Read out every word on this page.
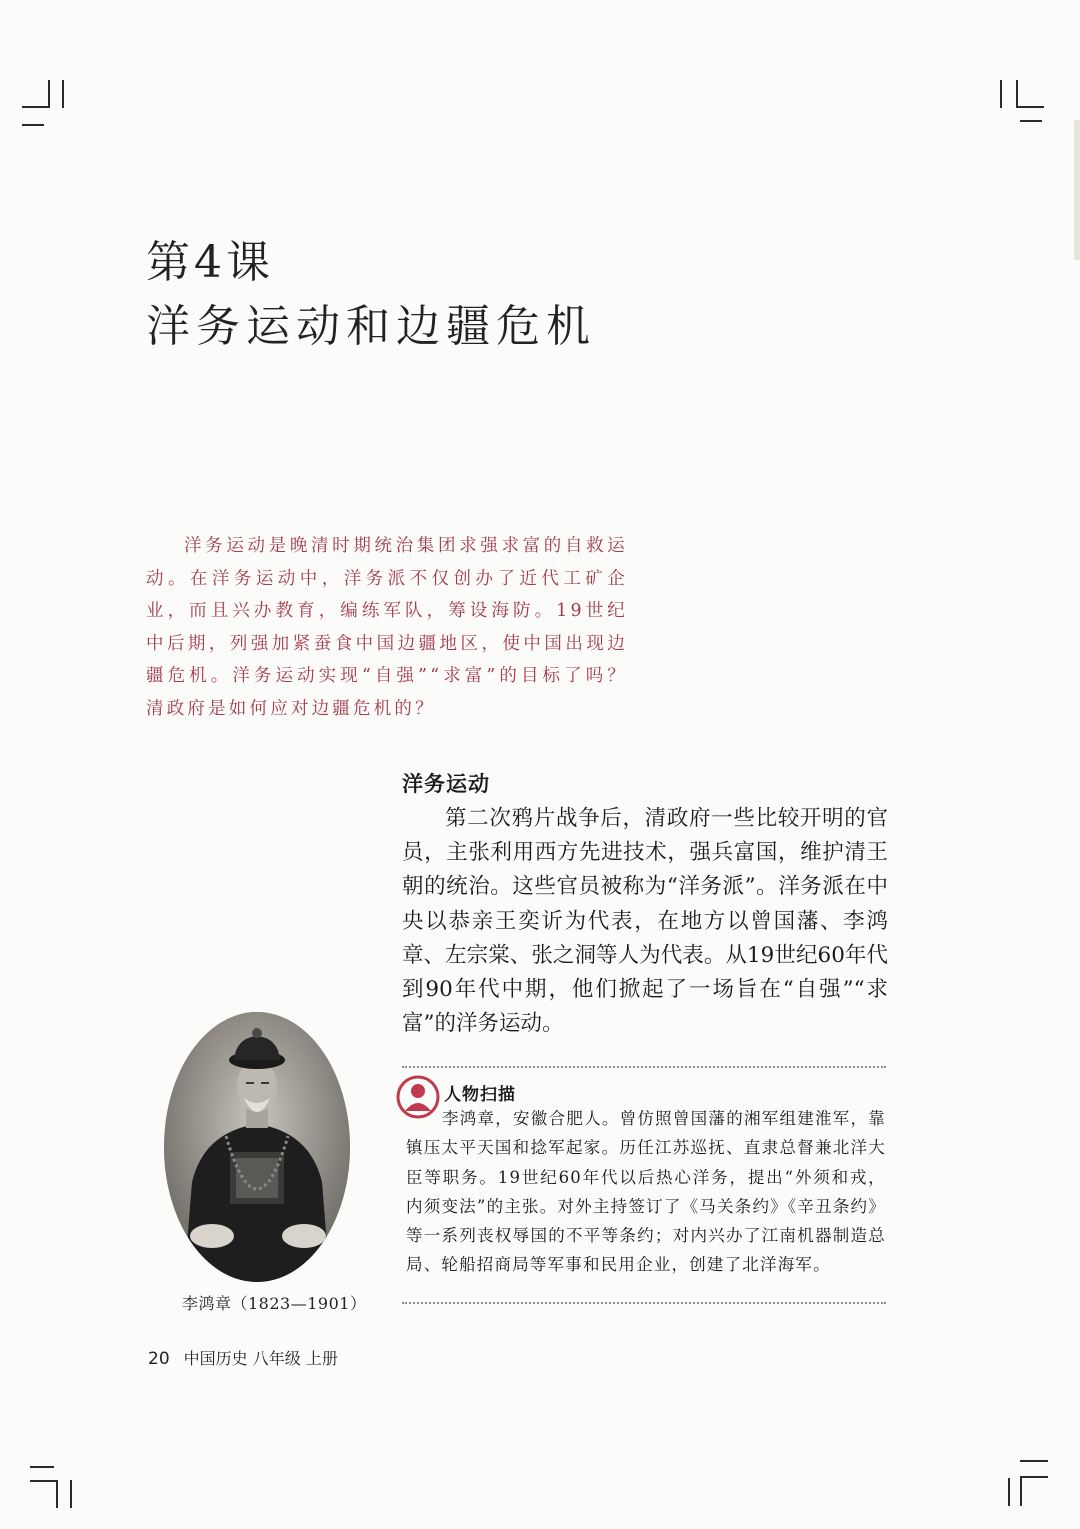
第4课
洋务运动和边疆危机

洋务运动是晚清时期统治集团求强求富的自救运动。在洋务运动中，洋务派不仅创办了近代工矿企业，而且兴办教育，编练军队，筹设海防。19世纪中后期，列强加紧蚕食中国边疆地区，使中国出现边疆危机。洋务运动实现“自强”“求富”的目标了吗？清政府是如何应对边疆危机的？

洋务运动

第二次鸦片战争后，清政府一些比较开明的官员，主张利用西方先进技术，强兵富国，维护清王朝的统治。这些官员被称为“洋务派”。洋务派在中央以恭亲王奕䜣为代表，在地方以曾国藩、李鸿章、左宗棠、张之洞等人为代表。从19世纪60年代到90年代中期，他们掀起了一场旨在“自强”“求富”的洋务运动。

李鸿章（1823—1901）
人物扫描

李鸿章，安徽合肥人。曾仿照曾国藩的湘军组建淮军，靠镇压太平天国和捻军起家。历任江苏巡抚、直隶总督兼北洋大臣等职务。19世纪60年代以后热心洋务，提出“外须和戎，内须变法”的主张。对外主持签订了《马关条约》《辛丑条约》等一系列丧权辱国的不平等条约；对内兴办了江南机器制造总局、轮船招商局等军事和民用企业，创建了北洋海军。

20 中国历史 八年级 上册
